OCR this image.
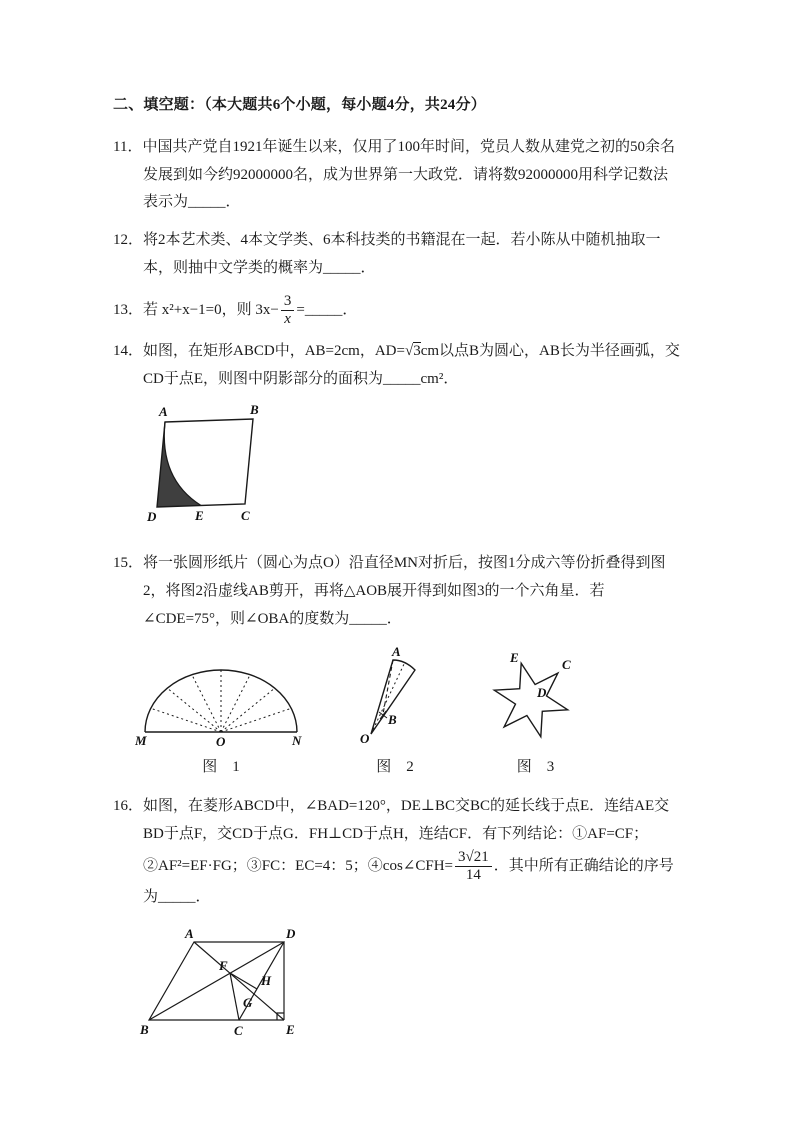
二、填空题：（本大题共6个小题，每小题4分，共24分）

11．中国共产党自1921年诞生以来，仅用了100年时间，党员人数从建党之初的50余名发展到如今约92000000名，成为世界第一大政党．请将数92000000用科学记数法表示为_____．

12．将2本艺术类、4本文学类、6本科技类的书籍混在一起．若小陈从中随机抽取一本，则抽中文学类的概率为_____．

13．若 x²+x−1=0，则 $3x- \frac{3}{x}$ =_____．

14．如图，在矩形ABCD中，AB=2cm，AD=√3cm以点B为圆心，AB长为半径画弧，交CD于点E，则图中阴影部分的面积为_____cm²．

A	B
C
D	E

15．将一张圆形纸片（圆心为点O）沿直径MN对折后，按图1分成六等份折叠得到图2，将图2沿虚线AB剪开，再将△AOB展开得到如图3的一个六角星．若∠CDE=75°，则∠OBA的度数为_____．

M	O	N
图　1
A
O
B
图　2
E	C
D
图　3

16．如图，在菱形ABCD中，∠BAD=120°，DE⊥BC交BC的延长线于点E．连结AE交BD于点F，交CD于点G．FH⊥CD于点H，连结CF．有下列结论：①AF=CF；②AF²=EF·FG；③FC：EC=4：5；④cos∠CFH= $\frac{3√21}{14}$ ．其中所有正确结论的序号为_____．

A
B	C
D
E
F
H
G
